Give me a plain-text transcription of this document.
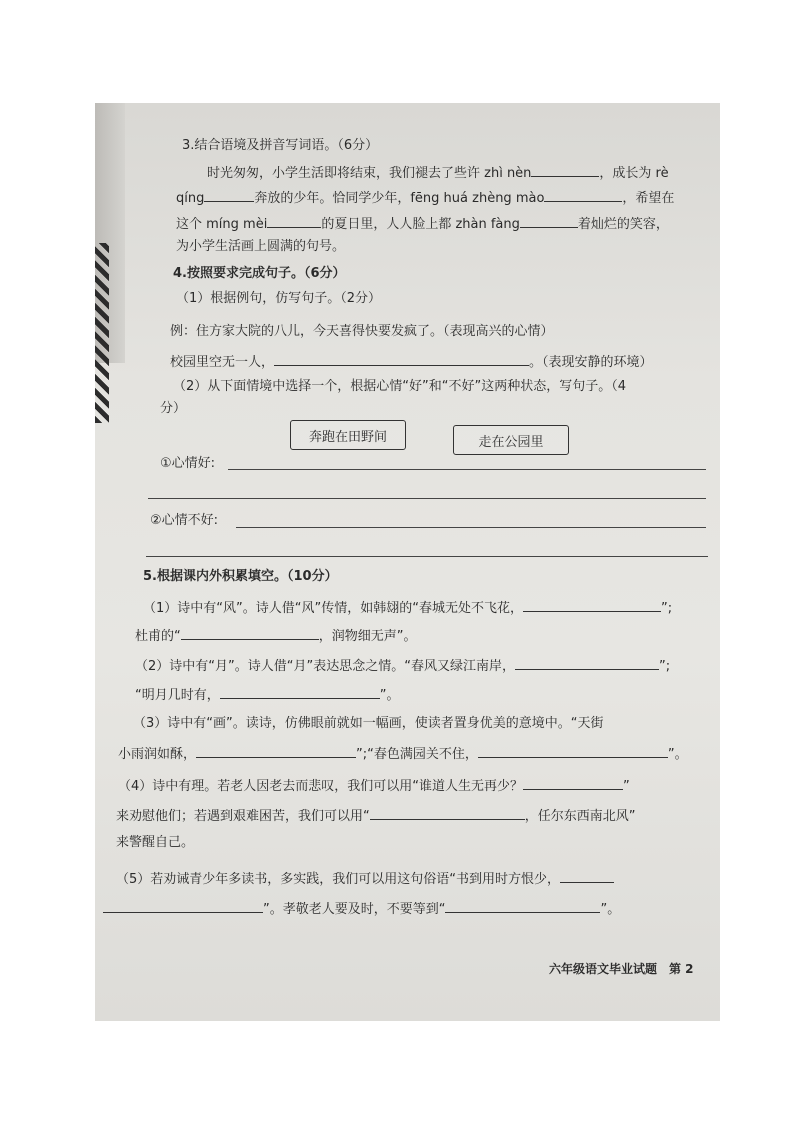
3.结合语境及拼音写词语。（6分）
时光匆匆，小学生活即将结束，我们褪去了些许 zhì nèn	，成长为 rè
qíng	奔放的少年。恰同学少年，fēng huá zhèng mào	，希望在
这个 míng mèi	的夏日里，人人脸上都 zhàn fàng	着灿烂的笑容，
为小学生活画上圆满的句号。
4.按照要求完成句子。（6分）
（1）根据例句，仿写句子。（2分）
例：住方家大院的八儿，今天喜得快要发疯了。（表现高兴的心情）
校园里空无一人，	。（表现安静的环境）
（2）从下面情境中选择一个，根据心情“好”和“不好”这两种状态，写句子。（4
分）
奔跑在田野间	走在公园里
①心情好:
②心情不好:
5.根据课内外积累填空。（10分）
（1）诗中有“风”。诗人借“风”传情，如韩翃的“春城无处不飞花，	”;
杜甫的“	，润物细无声”。
（2）诗中有“月”。诗人借“月”表达思念之情。“春风又绿江南岸，	”;
“明月几时有，	”。
（3）诗中有“画”。读诗，仿佛眼前就如一幅画，使读者置身优美的意境中。“天街
小雨润如酥，	”;“春色满园关不住，	”。
（4）诗中有理。若老人因老去而悲叹，我们可以用“谁道人生无再少？	”
来劝慰他们；若遇到艰难困苦，我们可以用“	，任尔东西南北风”
来警醒自己。
（5）若劝诫青少年多读书，多实践，我们可以用这句俗语“书到用时方恨少，
”。孝敬老人要及时，不要等到“	”。
六年级语文毕业试题　第 2
